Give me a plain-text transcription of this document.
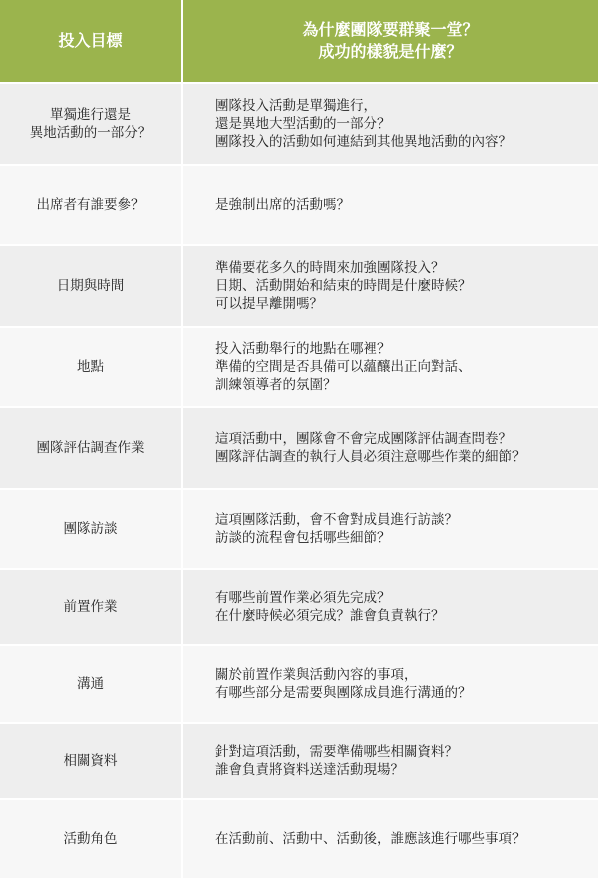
投入目標	為什麼團隊要群聚一堂？
成功的樣貌是什麼？

單獨進行還是
異地活動的一部分？	團隊投入活動是單獨進行，
還是異地大型活動的一部分？
團隊投入的活動如何連結到其他異地活動的內容？

出席者有誰要參？	是強制出席的活動嗎？

日期與時間	準備要花多久的時間來加強團隊投入？
日期、活動開始和結束的時間是什麼時候？
可以提早離開嗎？

地點	投入活動舉行的地點在哪裡？
準備的空間是否具備可以蘊釀出正向對話、
訓練領導者的氛圍？

團隊評估調查作業	這項活動中，團隊會不會完成團隊評估調查問卷？
團隊評估調查的執行人員必須注意哪些作業的細節？

團隊訪談	這項團隊活動，會不會對成員進行訪談？
訪談的流程會包括哪些細節？

前置作業	有哪些前置作業必須先完成？
在什麼時候必須完成？誰會負責執行？

溝通	關於前置作業與活動內容的事項，
有哪些部分是需要與團隊成員進行溝通的？

相關資料	針對這項活動，需要準備哪些相關資料？
誰會負責將資料送達活動現場？

活動角色	在活動前、活動中、活動後，誰應該進行哪些事項？
